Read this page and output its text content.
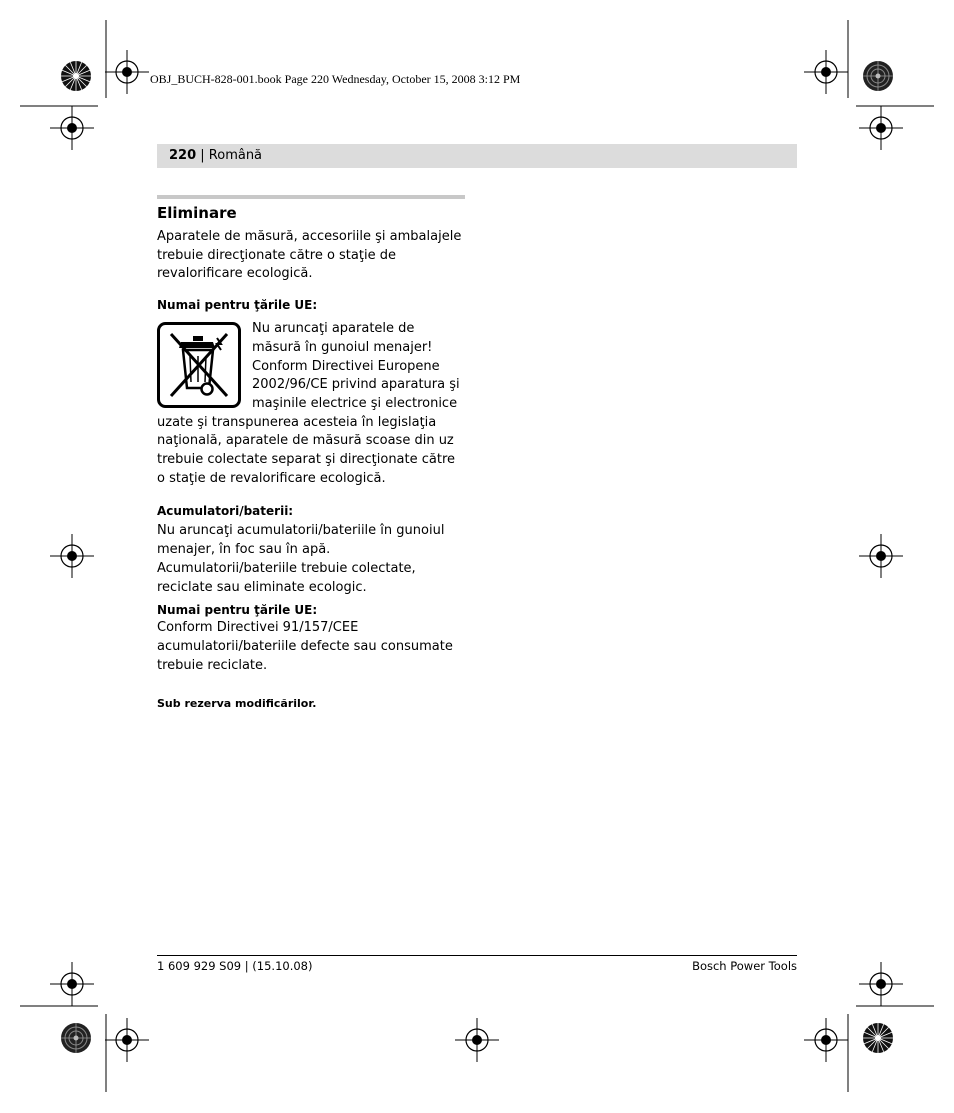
OBJ_BUCH-828-001.book Page 220 Wednesday, October 15, 2008 3:12 PM
220 | Română
Eliminare
Aparatele de măsură, accesoriile şi ambalajele trebuie direcţionate către o staţie de revalorificare ecologică.
Numai pentru ţările UE:
Nu aruncaţi aparatele de măsură în gunoiul menajer! Conform Directivei Europene 2002/96/CE privind aparatura şi maşinile electrice şi electronice uzate şi transpunerea acesteia în legislaţia naţională, aparatele de măsură scoase din uz trebuie colectate separat şi direcţionate către o staţie de revalorificare ecologică.
Acumulatori/baterii:
Nu aruncaţi acumulatorii/bateriile în gunoiul menajer, în foc sau în apă. Acumulatorii/bateriile trebuie colectate, reciclate sau eliminate ecologic.
Numai pentru ţările UE:
Conform Directivei 91/157/CEE acumulatorii/bateriile defecte sau consumate trebuie reciclate.
Sub rezerva modificărilor.
1 609 929 S09 | (15.10.08)	Bosch Power Tools
